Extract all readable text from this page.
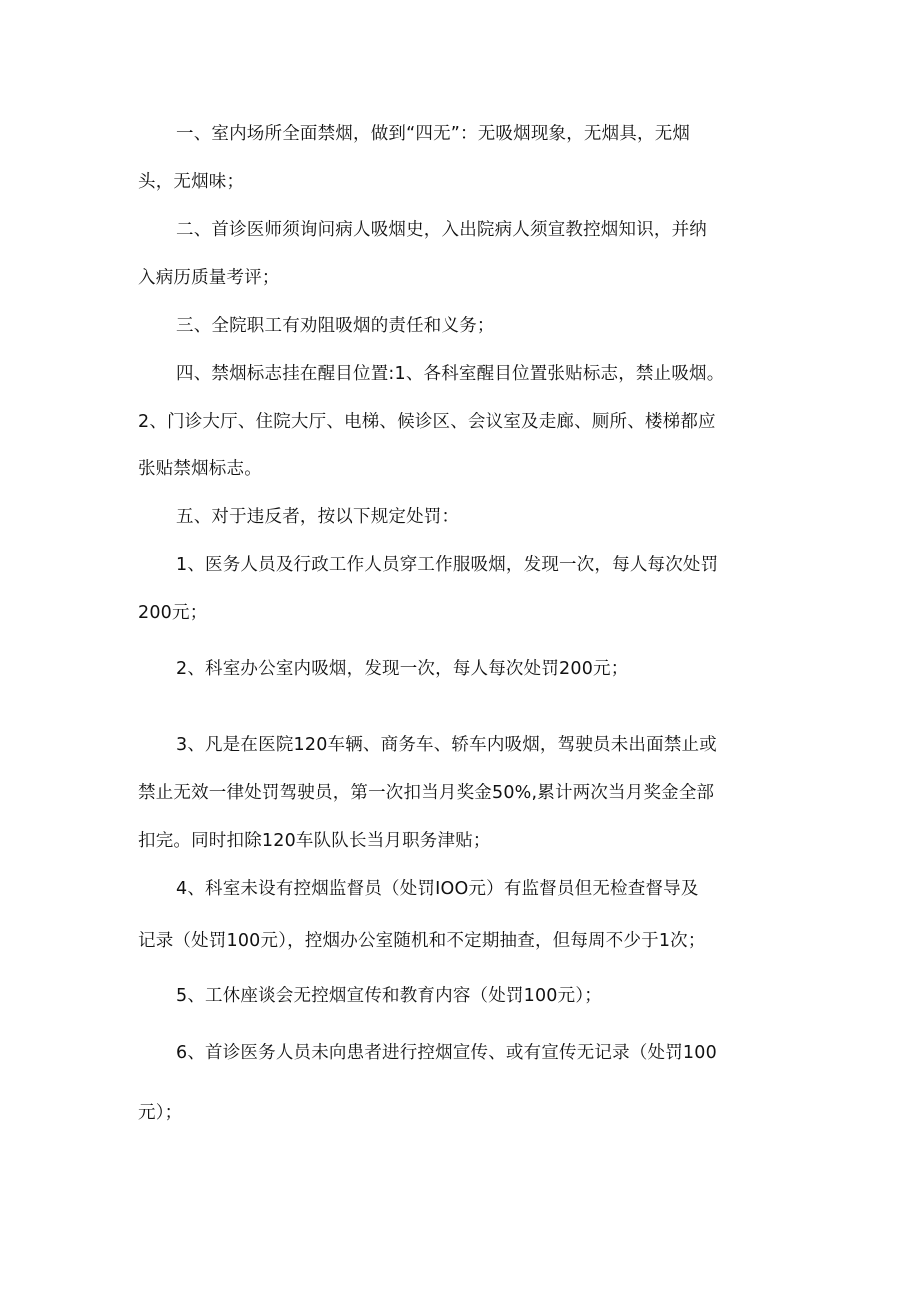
一、室内场所全面禁烟，做到“四无”：无吸烟现象，无烟具，无烟
头，无烟味；
二、首诊医师须询问病人吸烟史，入出院病人须宣教控烟知识，并纳
入病历质量考评；
三、全院职工有劝阻吸烟的责任和义务；
四、禁烟标志挂在醒目位置:1、各科室醒目位置张贴标志，禁止吸烟。
2、门诊大厅、住院大厅、电梯、候诊区、会议室及走廊、厕所、楼梯都应
张贴禁烟标志。
五、对于违反者，按以下规定处罚：
1、医务人员及行政工作人员穿工作服吸烟，发现一次，每人每次处罚
200元；
2、科室办公室内吸烟，发现一次，每人每次处罚200元；
3、凡是在医院120车辆、商务车、轿车内吸烟，驾驶员未出面禁止或
禁止无效一律处罚驾驶员，第一次扣当月奖金50%,累计两次当月奖金全部
扣完。同时扣除120车队队长当月职务津贴；
4、科室未设有控烟监督员（处罚IOO元）有监督员但无检查督导及
记录（处罚100元），控烟办公室随机和不定期抽查，但每周不少于1次；
5、工休座谈会无控烟宣传和教育内容（处罚100元）；
6、首诊医务人员未向患者进行控烟宣传、或有宣传无记录（处罚100
元）；
